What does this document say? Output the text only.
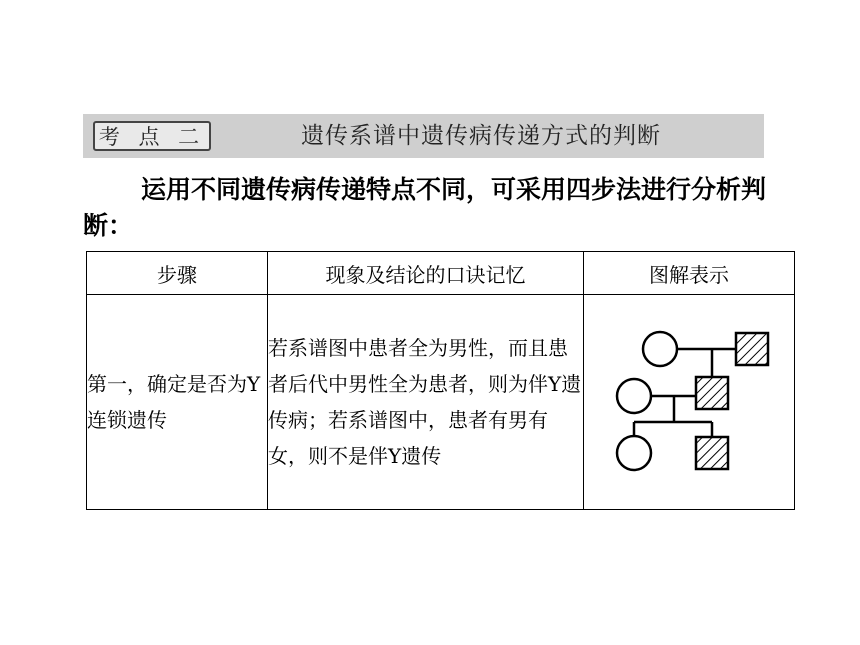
考 点 二	遗传系谱中遗传病传递方式的判断
运用不同遗传病传递特点不同，可采用四步法进行分析判断：
步骤	现象及结论的口诀记忆	图解表示
第一，确定是否为Y连锁遗传	若系谱图中患者全为男性，而且患者后代中男性全为患者，则为伴Y遗传病；若系谱图中，患者有男有女，则不是伴Y遗传	
